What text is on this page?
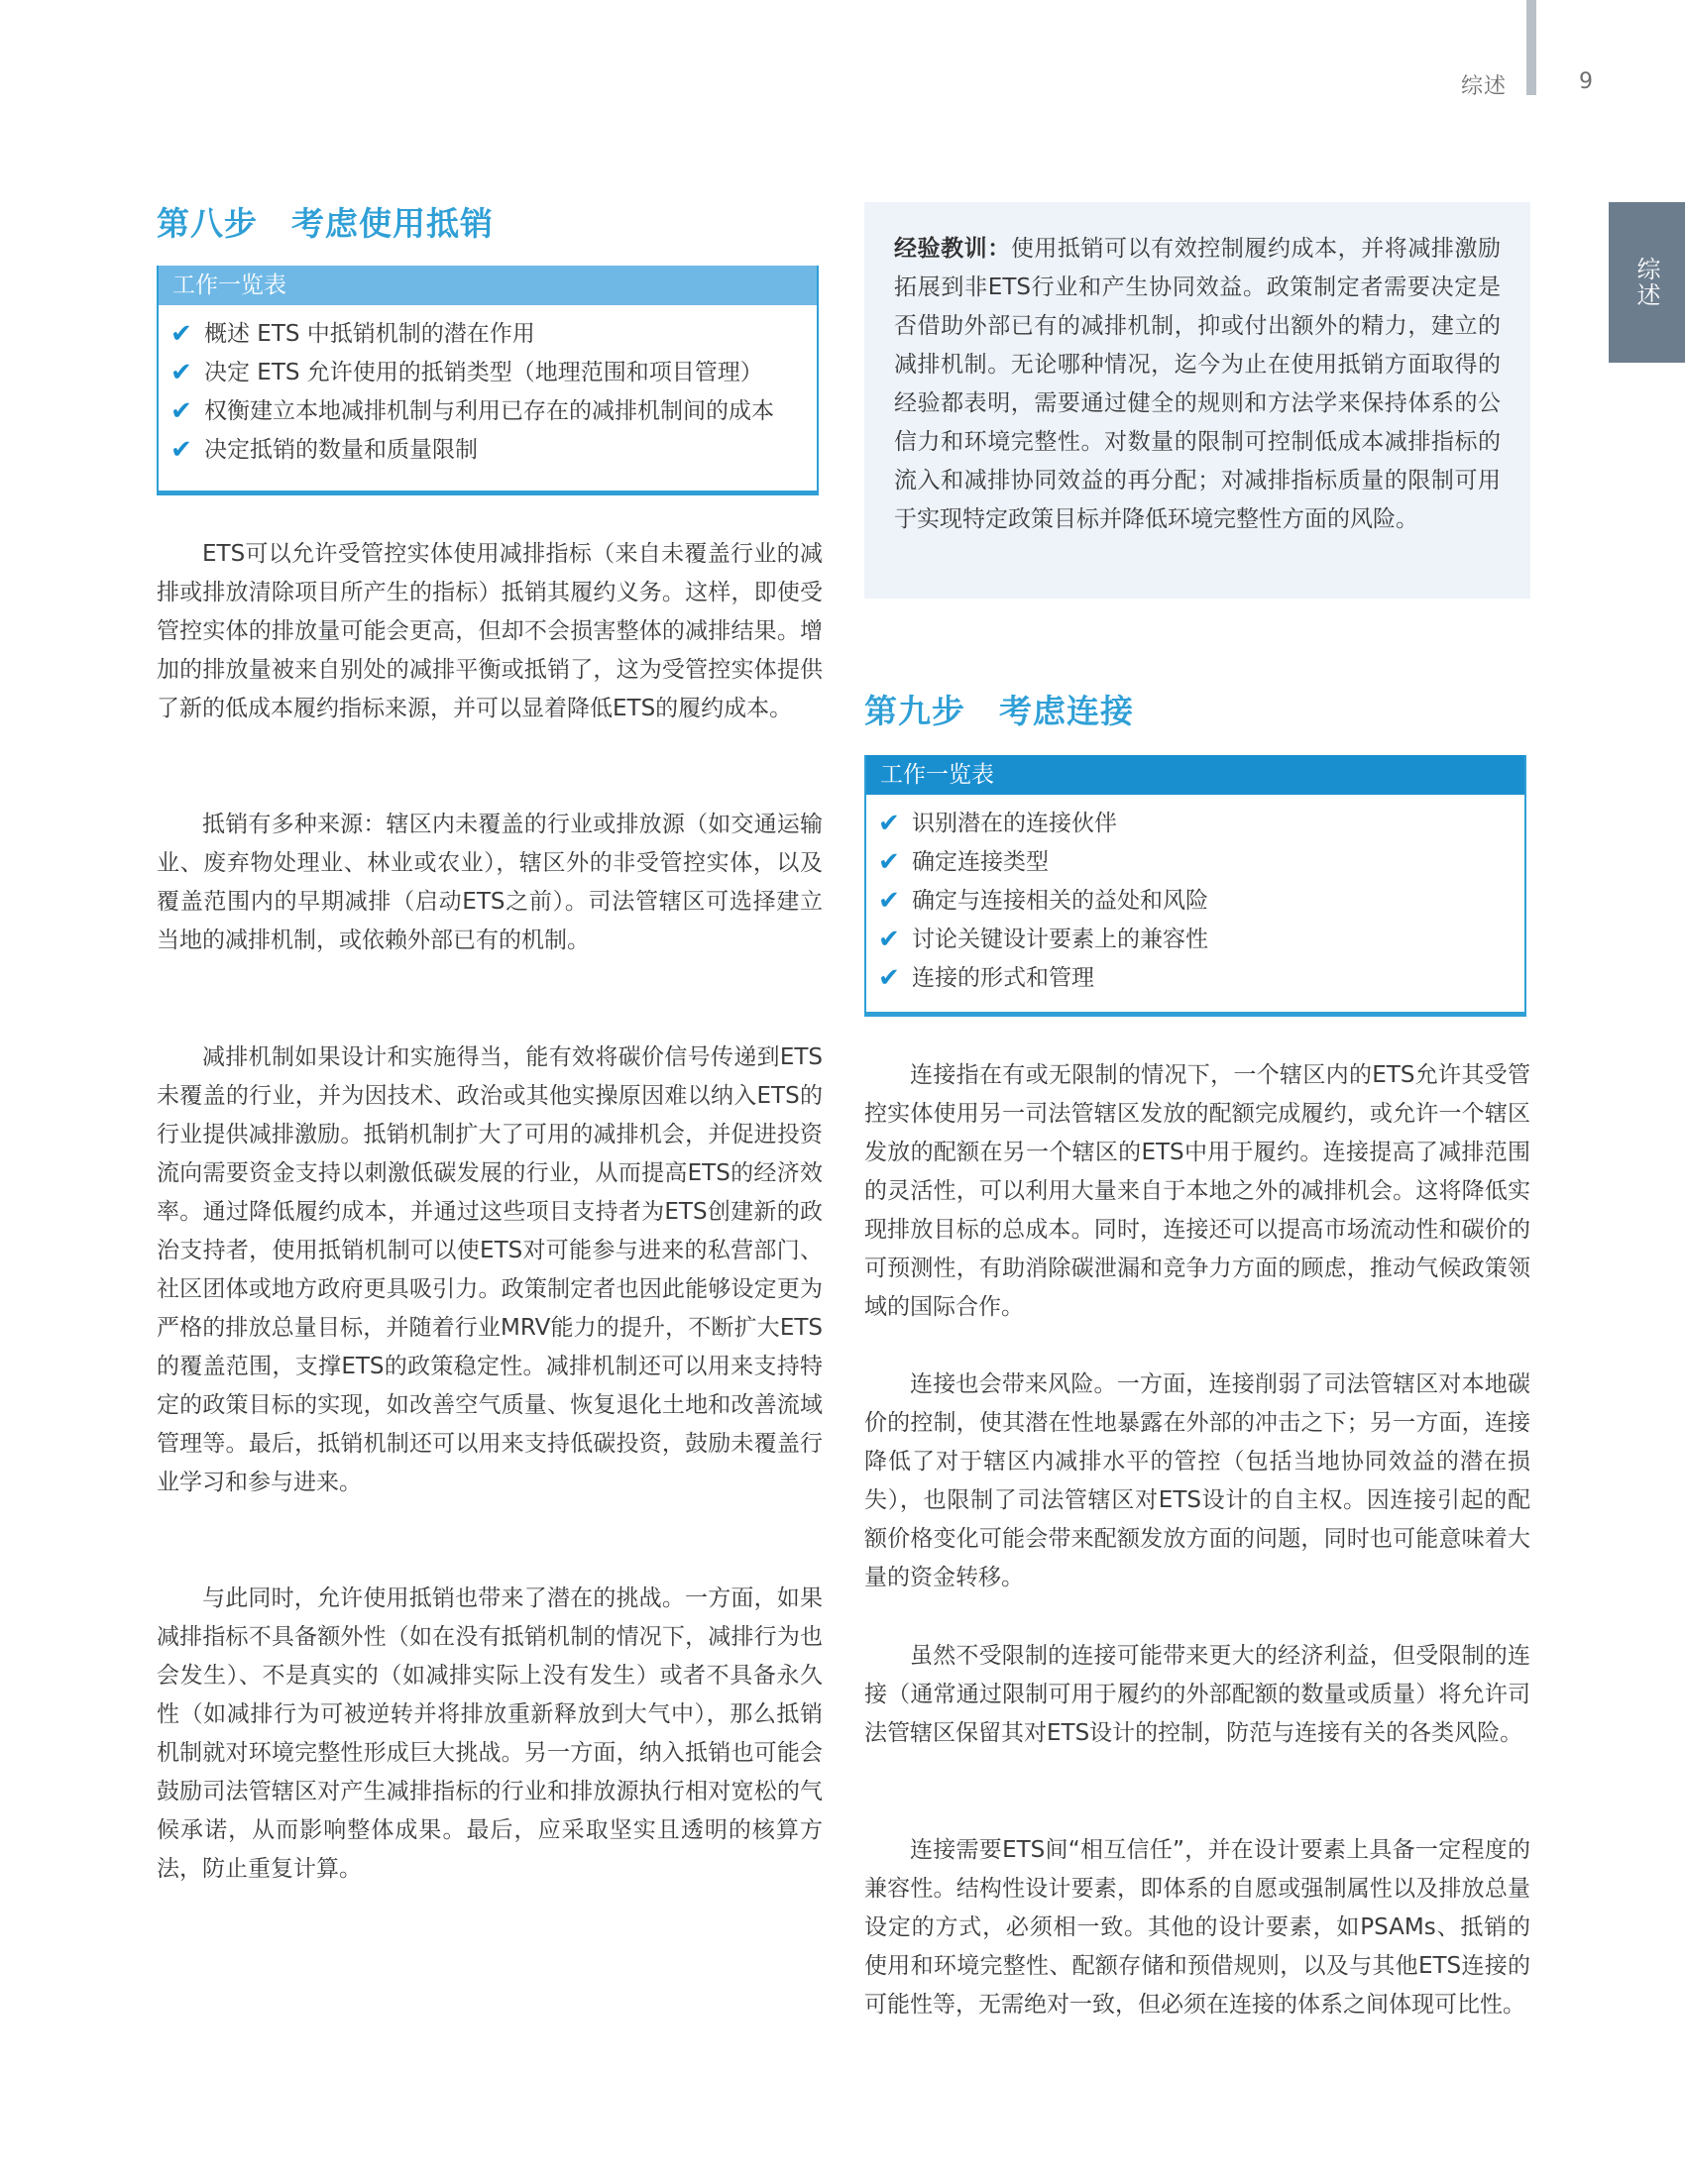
综述	9
综述
第八步　考虑使用抵销
工作一览表
✔ 概述 ETS 中抵销机制的潜在作用
✔ 决定 ETS 允许使用的抵销类型（地理范围和项目管理）
✔ 权衡建立本地减排机制与利用已存在的减排机制间的成本
✔ 决定抵销的数量和质量限制

ETS可以允许受管控实体使用减排指标（来自未覆盖行业的减排或排放清除项目所产生的指标）抵销其履约义务。这样，即使受管控实体的排放量可能会更高，但却不会损害整体的减排结果。增加的排放量被来自别处的减排平衡或抵销了，这为受管控实体提供了新的低成本履约指标来源，并可以显着降低ETS的履约成本。

抵销有多种来源：辖区内未覆盖的行业或排放源（如交通运输业、废弃物处理业、林业或农业），辖区外的非受管控实体，以及覆盖范围内的早期减排（启动ETS之前）。司法管辖区可选择建立当地的减排机制，或依赖外部已有的机制。

减排机制如果设计和实施得当，能有效将碳价信号传递到ETS未覆盖的行业，并为因技术、政治或其他实操原因难以纳入ETS的行业提供减排激励。抵销机制扩大了可用的减排机会，并促进投资流向需要资金支持以刺激低碳发展的行业，从而提高ETS的经济效率。通过降低履约成本，并通过这些项目支持者为ETS创建新的政治支持者，使用抵销机制可以使ETS对可能参与进来的私营部门、社区团体或地方政府更具吸引力。政策制定者也因此能够设定更为严格的排放总量目标，并随着行业MRV能力的提升，不断扩大ETS的覆盖范围，支撑ETS的政策稳定性。减排机制还可以用来支持特定的政策目标的实现，如改善空气质量、恢复退化土地和改善流域管理等。最后，抵销机制还可以用来支持低碳投资，鼓励未覆盖行业学习和参与进来。

与此同时，允许使用抵销也带来了潜在的挑战。一方面，如果减排指标不具备额外性（如在没有抵销机制的情况下，减排行为也会发生）、不是真实的（如减排实际上没有发生）或者不具备永久性（如减排行为可被逆转并将排放重新释放到大气中），那么抵销机制就对环境完整性形成巨大挑战。另一方面，纳入抵销也可能会鼓励司法管辖区对产生减排指标的行业和排放源执行相对宽松的气候承诺，从而影响整体成果。最后，应采取坚实且透明的核算方法，防止重复计算。

经验教训：使用抵销可以有效控制履约成本，并将减排激励拓展到非ETS行业和产生协同效益。政策制定者需要决定是否借助外部已有的减排机制，抑或付出额外的精力，建立的减排机制。无论哪种情况，迄今为止在使用抵销方面取得的经验都表明，需要通过健全的规则和方法学来保持体系的公信力和环境完整性。对数量的限制可控制低成本减排指标的流入和减排协同效益的再分配；对减排指标质量的限制可用于实现特定政策目标并降低环境完整性方面的风险。

第九步　考虑连接
工作一览表
✔ 识别潜在的连接伙伴
✔ 确定连接类型
✔ 确定与连接相关的益处和风险
✔ 讨论关键设计要素上的兼容性
✔ 连接的形式和管理

连接指在有或无限制的情况下，一个辖区内的ETS允许其受管控实体使用另一司法管辖区发放的配额完成履约，或允许一个辖区发放的配额在另一个辖区的ETS中用于履约。连接提高了减排范围的灵活性，可以利用大量来自于本地之外的减排机会。这将降低实现排放目标的总成本。同时，连接还可以提高市场流动性和碳价的可预测性，有助消除碳泄漏和竞争力方面的顾虑，推动气候政策领域的国际合作。

连接也会带来风险。一方面，连接削弱了司法管辖区对本地碳价的控制，使其潜在性地暴露在外部的冲击之下；另一方面，连接降低了对于辖区内减排水平的管控（包括当地协同效益的潜在损失），也限制了司法管辖区对ETS设计的自主权。因连接引起的配额价格变化可能会带来配额发放方面的问题，同时也可能意味着大量的资金转移。

虽然不受限制的连接可能带来更大的经济利益，但受限制的连接（通常通过限制可用于履约的外部配额的数量或质量）将允许司法管辖区保留其对ETS设计的控制，防范与连接有关的各类风险。

连接需要ETS间“相互信任”，并在设计要素上具备一定程度的兼容性。结构性设计要素，即体系的自愿或强制属性以及排放总量设定的方式，必须相一致。其他的设计要素，如PSAMs、抵销的使用和环境完整性、配额存储和预借规则，以及与其他ETS连接的可能性等，无需绝对一致，但必须在连接的体系之间体现可比性。
